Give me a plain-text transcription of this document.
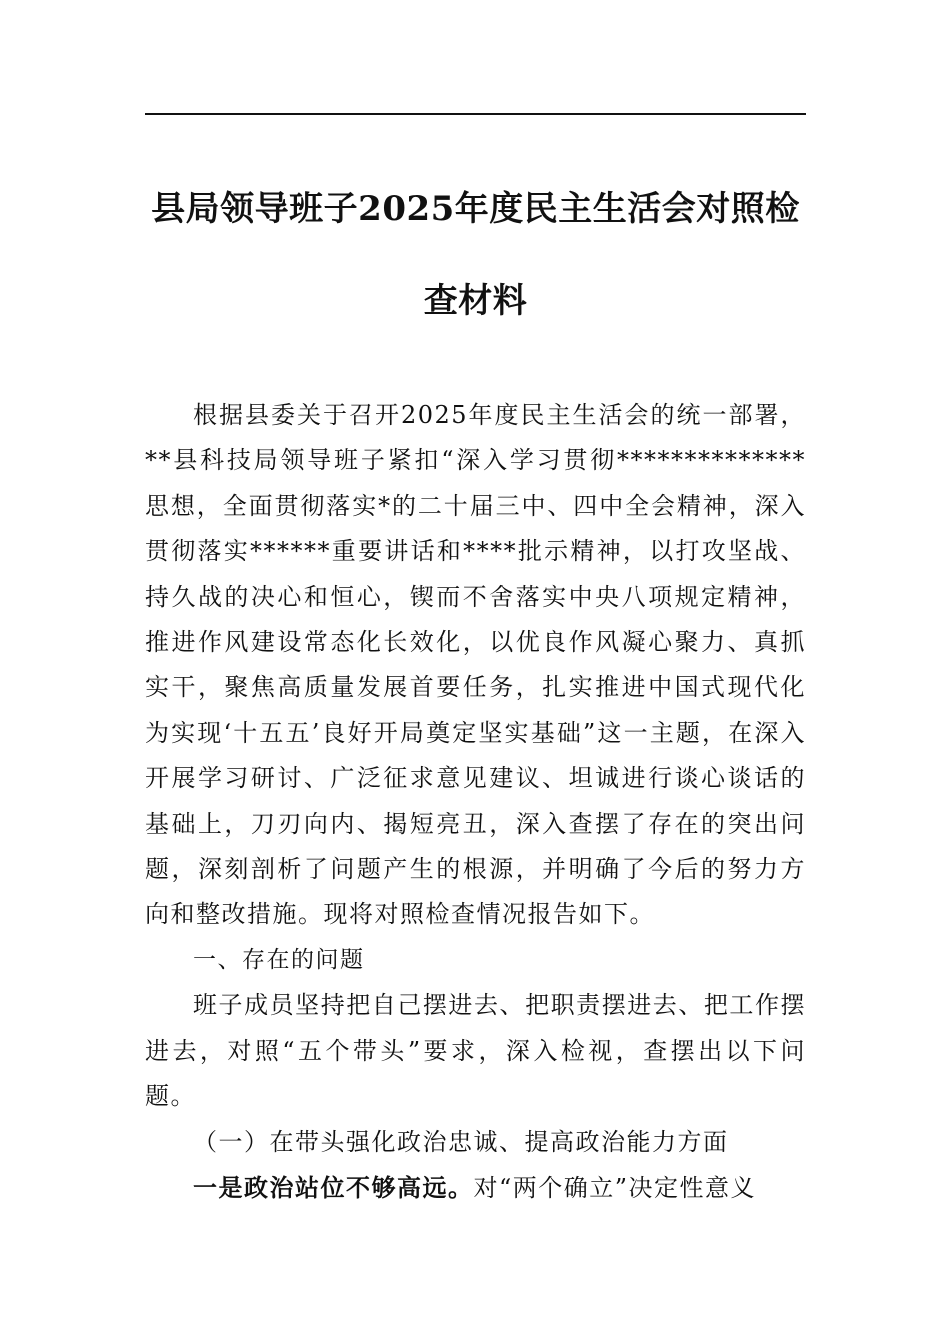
县局领导班子2025年度民主生活会对照检查材料

根据县委关于召开2025年度民主生活会的统一部署，**县科技局领导班子紧扣“深入学习贯彻**************思想，全面贯彻落实*的二十届三中、四中全会精神，深入贯彻落实******重要讲话和****批示精神，以打攻坚战、持久战的决心和恒心，锲而不舍落实中央八项规定精神，推进作风建设常态化长效化，以优良作风凝心聚力、真抓实干，聚焦高质量发展首要任务，扎实推进中国式现代化为实现‘十五五’良好开局奠定坚实基础”这一主题，在深入开展学习研讨、广泛征求意见建议、坦诚进行谈心谈话的基础上，刀刃向内、揭短亮丑，深入查摆了存在的突出问题，深刻剖析了问题产生的根源，并明确了今后的努力方向和整改措施。现将对照检查情况报告如下。

一、存在的问题

班子成员坚持把自己摆进去、把职责摆进去、把工作摆进去，对照“五个带头”要求，深入检视，查摆出以下问题。

（一）在带头强化政治忠诚、提高政治能力方面

一是政治站位不够高远。对“两个确立”决定性意义
